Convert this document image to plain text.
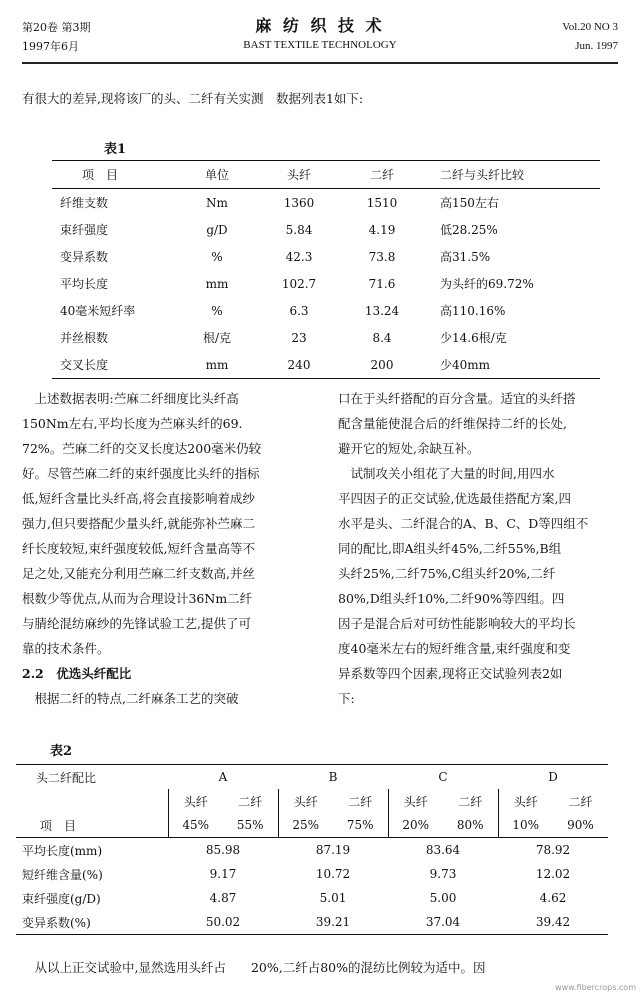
第20卷 第3期
1997年6月
麻 纺 织 技 术
BAST TEXTILE TECHNOLOGY
Vol.20 NO 3
Jun. 1997
有很大的差异,现将该厂的头、二纤有关实测　数据列表1如下:
表1
项　目	单位	头纤	二纤	二纤与头纤比较
纤维支数	Nm	1360	1510	高150左右
束纤强度	g/D	5.84	4.19	低28.25%
变异系数	%	42.3	73.8	高31.5%
平均长度	mm	102.7	71.6	为头纤的69.72%
40毫米短纤率	%	6.3	13.24	高110.16%
并丝根数	根/克	23	8.4	少14.6根/克
交叉长度	mm	240	200	少40mm
　上述数据表明:苎麻二纤细度比头纤高
150Nm左右,平均长度为苎麻头纤的69.
72%。苎麻二纤的交叉长度达200毫米仍较
好。尽管苎麻二纤的束纤强度比头纤的指标
低,短纤含量比头纤高,将会直接影响着成纱
强力,但只要搭配少量头纤,就能弥补苎麻二
纤长度较短,束纤强度较低,短纤含量高等不
足之处,又能充分利用苎麻二纤支数高,并丝
根数少等优点,从而为合理设计36Nm二纤
与腈纶混纺麻纱的先锋试验工艺,提供了可
靠的技术条件。
2.2　优选头纤配比
　根据二纤的特点,二纤麻条工艺的突破
口在于头纤搭配的百分含量。适宜的头纤搭
配含量能使混合后的纤维保持二纤的长处,
避开它的短处,余缺互补。
　试制攻关小组花了大量的时间,用四水
平四因子的正交试验,优选最佳搭配方案,四
水平是头、二纤混合的A、B、C、D等四组不
同的配比,即A组头纤45%,二纤55%,B组
头纤25%,二纤75%,C组头纤20%,二纤
80%,D组头纤10%,二纤90%等四组。四
因子是混合后对可纺性能影响较大的平均长
度40毫米左右的短纤维含量,束纤强度和变
异系数等四个因素,现将正交试验列表2如
下:
表2
头二纤配比	A		B		C		D	
	头纤	二纤	头纤	二纤	头纤	二纤	头纤	二纤
项　目	45%	55%	25%	75%	20%	80%	10%	90%
平均长度(mm)	85.98		87.19		83.64		78.92	
短纤维含量(%)	9.17		10.72		9.73		12.02	
束纤强度(g/D)	4.87		5.01		5.00		4.62	
变异系数(%)	50.02		39.21		37.04		39.42	
　从以上正交试验中,显然选用头纤占　　20%,二纤占80%的混纺比例较为适中。因
www.fibercrops.com
